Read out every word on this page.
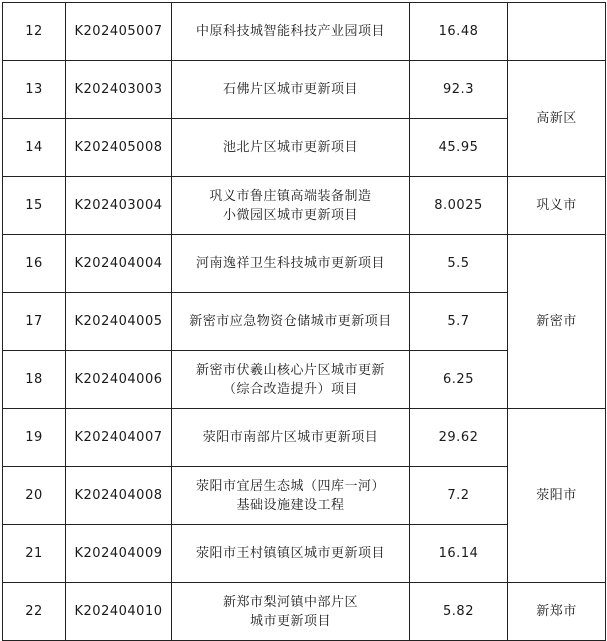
12	K202405007	中原科技城智能科技产业园项目	16.48	
13	K202403003	石佛片区城市更新项目	92.3	高新区
14	K202405008	池北片区城市更新项目	45.95	
15	K202403004	巩义市鲁庄镇高端装备制造
小微园区城市更新项目	8.0025	巩义市
16	K202404004	河南逸祥卫生科技城市更新项目	5.5	新密市
17	K202404005	新密市应急物资仓储城市更新项目	5.7	
18	K202404006	新密市伏羲山核心片区城市更新
（综合改造提升）项目	6.25	
19	K202404007	荥阳市南部片区城市更新项目	29.62	荥阳市
20	K202404008	荥阳市宜居生态城（四库一河）
基础设施建设工程	7.2	
21	K202404009	荥阳市王村镇镇区城市更新项目	16.14	
22	K202404010	新郑市梨河镇中部片区
城市更新项目	5.82	新郑市
